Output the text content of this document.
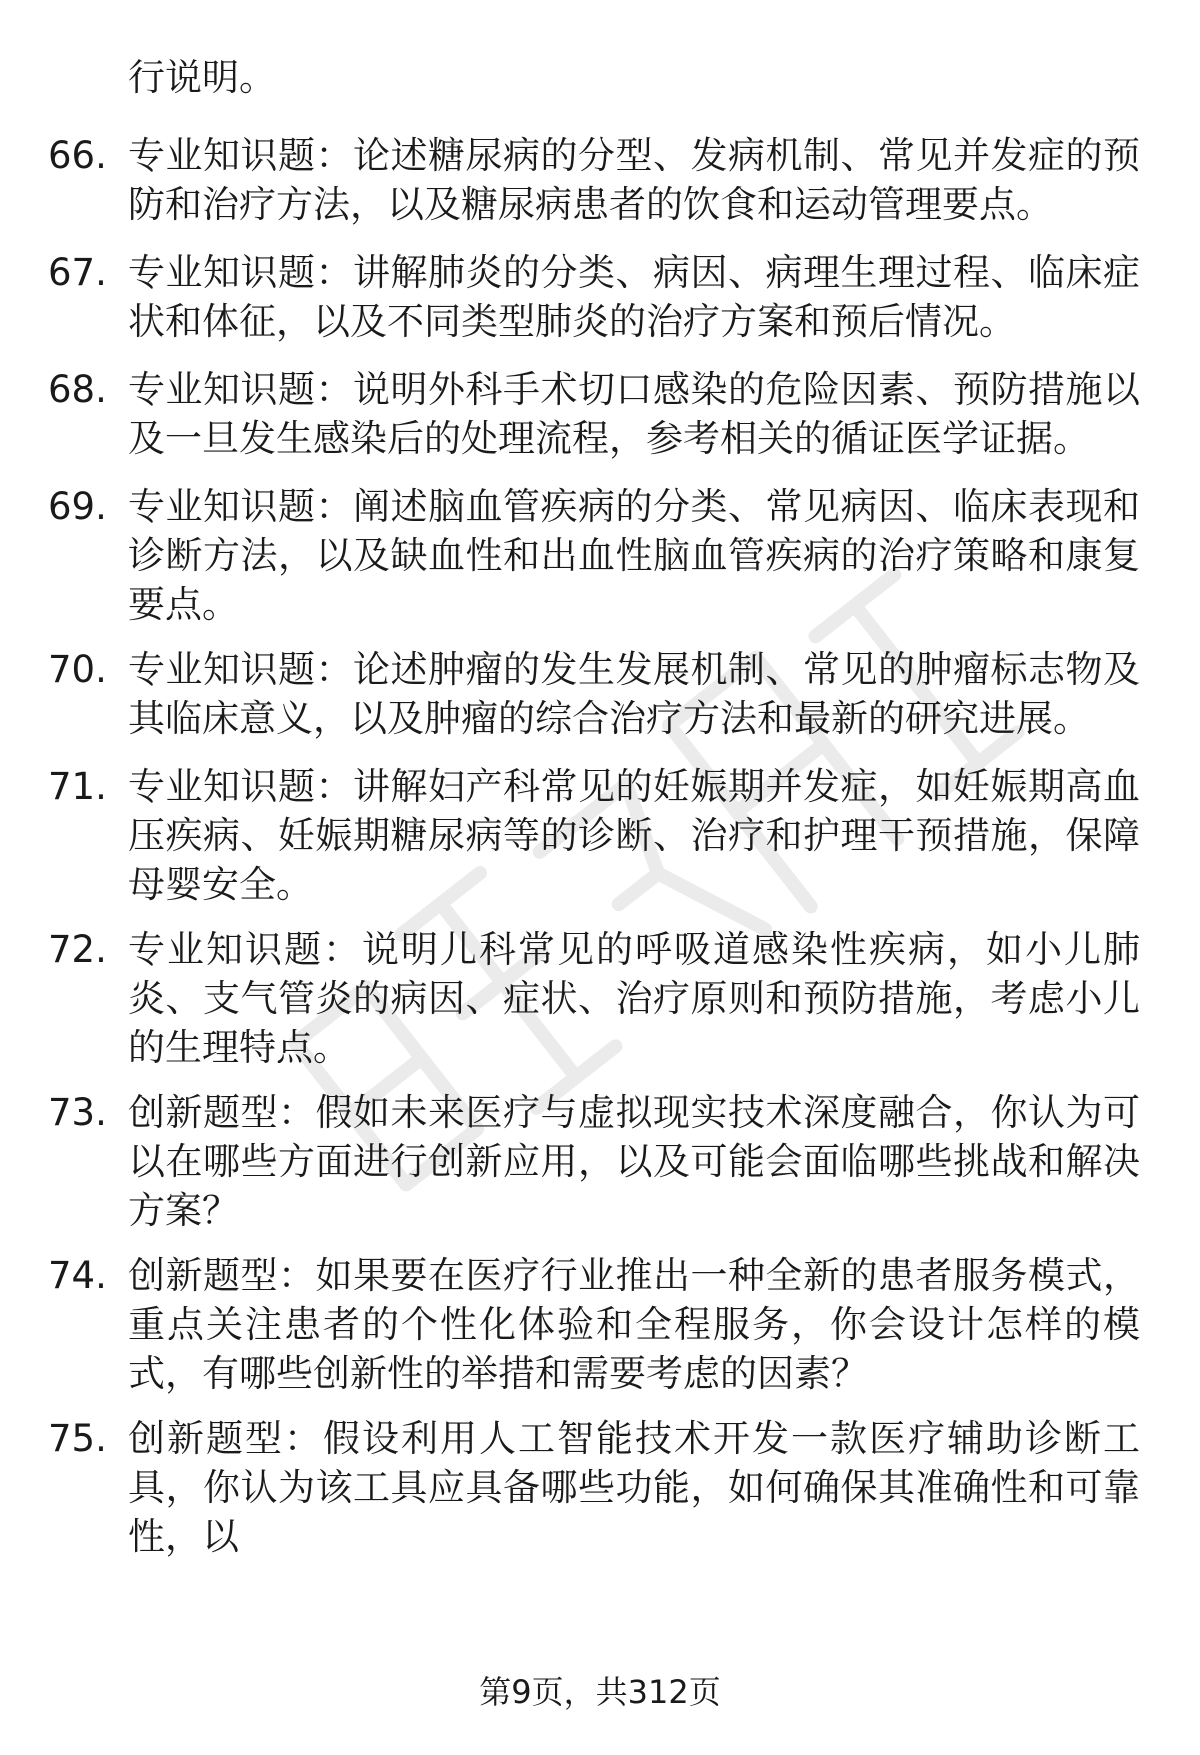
行说明。
66. 专业知识题：论述糖尿病的分型、发病机制、常见并发症的预防和治疗方法，以及糖尿病患者的饮食和运动管理要点。
67. 专业知识题：讲解肺炎的分类、病因、病理生理过程、临床症状和体征，以及不同类型肺炎的治疗方案和预后情况。
68. 专业知识题：说明外科手术切口感染的危险因素、预防措施以及一旦发生感染后的处理流程，参考相关的循证医学证据。
69. 专业知识题：阐述脑血管疾病的分类、常见病因、临床表现和诊断方法，以及缺血性和出血性脑血管疾病的治疗策略和康复要点。
70. 专业知识题：论述肿瘤的发生发展机制、常见的肿瘤标志物及其临床意义，以及肿瘤的综合治疗方法和最新的研究进展。
71. 专业知识题：讲解妇产科常见的妊娠期并发症，如妊娠期高血压疾病、妊娠期糖尿病等的诊断、治疗和护理干预措施，保障母婴安全。
72. 专业知识题：说明儿科常见的呼吸道感染性疾病，如小儿肺炎、支气管炎的病因、症状、治疗原则和预防措施，考虑小儿的生理特点。
73. 创新题型：假如未来医疗与虚拟现实技术深度融合，你认为可以在哪些方面进行创新应用，以及可能会面临哪些挑战和解决方案？
74. 创新题型：如果要在医疗行业推出一种全新的患者服务模式，重点关注患者的个性化体验和全程服务，你会设计怎样的模式，有哪些创新性的举措和需要考虑的因素？
75. 创新题型：假设利用人工智能技术开发一款医疗辅助诊断工具，你认为该工具应具备哪些功能，如何确保其准确性和可靠性，以
第9页，共312页
